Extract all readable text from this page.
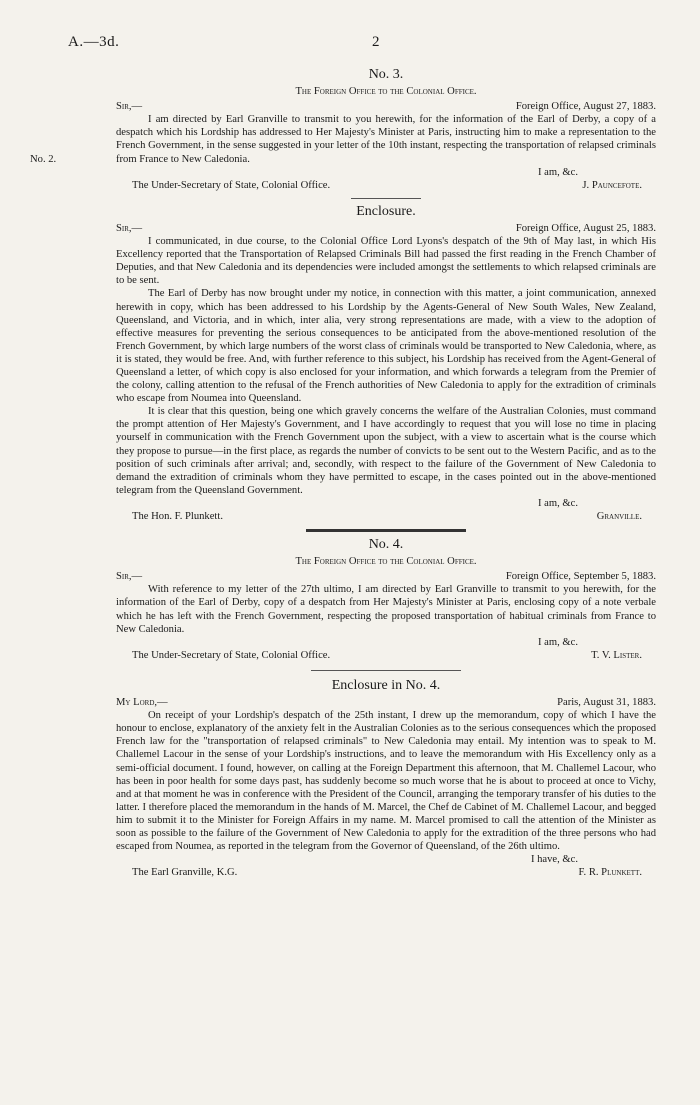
A.—3d.	2
No. 2.
No. 3.
The Foreign Office to the Colonial Office.
Sir,—	Foreign Office, August 27, 1883.

I am directed by Earl Granville to transmit to you herewith, for the information of the Earl of Derby, a copy of a despatch which his Lordship has addressed to Her Majesty's Minister at Paris, instructing him to make a representation to the French Government, in the sense suggested in your letter of the 10th instant, respecting the transportation of relapsed criminals from France to New Caledonia.

I am, &c.
The Under-Secretary of State, Colonial Office.	J. Pauncefote.
Enclosure.
Sir,—	Foreign Office, August 25, 1883.

I communicated, in due course, to the Colonial Office Lord Lyons's despatch of the 9th of May last, in which His Excellency reported that the Transportation of Relapsed Criminals Bill had passed the first reading in the French Chamber of Deputies, and that New Caledonia and its dependencies were included amongst the settlements to which relapsed criminals are to be sent.

The Earl of Derby has now brought under my notice, in connection with this matter, a joint communication, annexed herewith in copy, which has been addressed to his Lordship by the Agents-General of New South Wales, New Zealand, Queensland, and Victoria, and in which, inter alia, very strong representations are made, with a view to the adoption of effective measures for preventing the serious consequences to be anticipated from the above-mentioned resolution of the French Government, by which large numbers of the worst class of criminals would be transported to New Caledonia, where, as it is stated, they would be free. And, with further reference to this subject, his Lordship has received from the Agent-General of Queensland a letter, of which copy is also enclosed for your information, and which forwards a telegram from the Premier of the colony, calling attention to the refusal of the French authorities of New Caledonia to apply for the extradition of criminals who escape from Noumea into Queensland.

It is clear that this question, being one which gravely concerns the welfare of the Australian Colonies, must command the prompt attention of Her Majesty's Government, and I have accordingly to request that you will lose no time in placing yourself in communication with the French Government upon the subject, with a view to ascertain what is the course which they propose to pursue—in the first place, as regards the number of convicts to be sent out to the Western Pacific, and as to the position of such criminals after arrival; and, secondly, with respect to the failure of the Government of New Caledonia to demand the extradition of criminals whom they have permitted to escape, in the cases pointed out in the above-mentioned telegram from the Queensland Government.

I am, &c.
The Hon. F. Plunkett.	Granville.
No. 4.
The Foreign Office to the Colonial Office.
Sir,—	Foreign Office, September 5, 1883.

With reference to my letter of the 27th ultimo, I am directed by Earl Granville to transmit to you herewith, for the information of the Earl of Derby, copy of a despatch from Her Majesty's Minister at Paris, enclosing copy of a note verbale which he has left with the French Government, respecting the proposed transportation of habitual criminals from France to New Caledonia.

I am, &c.
The Under-Secretary of State, Colonial Office.	T. V. Lister.
Enclosure in No. 4.
My Lord,—	Paris, August 31, 1883.

On receipt of your Lordship's despatch of the 25th instant, I drew up the memorandum, copy of which I have the honour to enclose, explanatory of the anxiety felt in the Australian Colonies as to the serious consequences which the proposed French law for the "transportation of relapsed criminals" to New Caledonia may entail. My intention was to speak to M. Challemel Lacour in the sense of your Lordship's instructions, and to leave the memorandum with His Excellency only as a semi-official document. I found, however, on calling at the Foreign Department this afternoon, that M. Challemel Lacour, who has been in poor health for some days past, has suddenly become so much worse that he is about to proceed at once to Vichy, and at that moment he was in conference with the President of the Council, arranging the temporary transfer of his duties to the latter. I therefore placed the memorandum in the hands of M. Marcel, the Chef de Cabinet of M. Challemel Lacour, and begged him to submit it to the Minister for Foreign Affairs in my name. M. Marcel promised to call the attention of the Minister as soon as possible to the failure of the Government of New Caledonia to apply for the extradition of the three persons who had escaped from Noumea, as reported in the telegram from the Governor of Queensland, of the 26th ultimo.

I have, &c.
The Earl Granville, K.G.	F. R. Plunkett.
